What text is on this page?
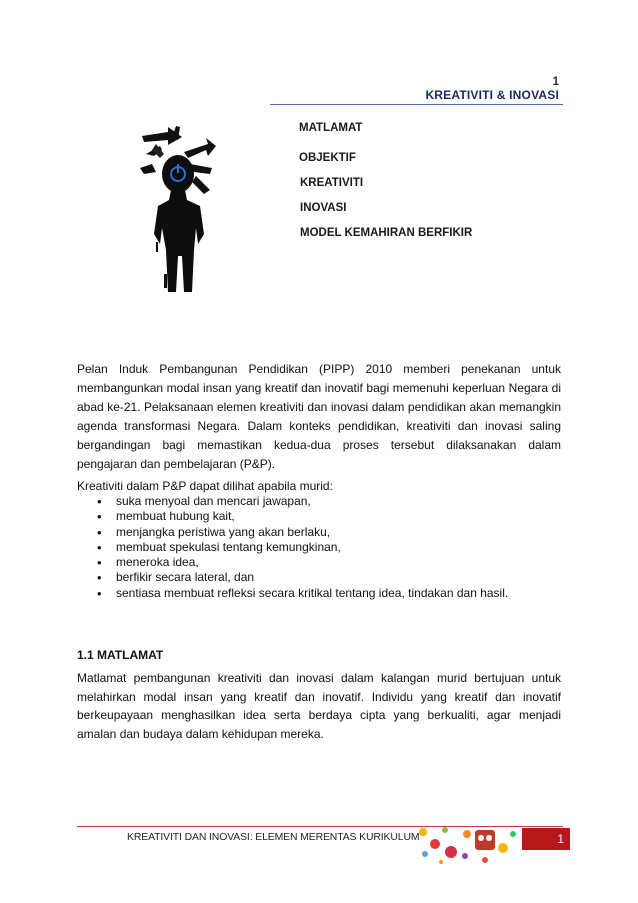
1
KREATIVITI & INOVASI
MATLAMAT
OBJEKTIF
KREATIVITI
INOVASI
MODEL KEMAHIRAN BERFIKIR
Pelan Induk Pembangunan Pendidikan (PIPP) 2010 memberi penekanan untuk membangunkan modal insan yang kreatif dan inovatif bagi memenuhi keperluan Negara di abad ke-21. Pelaksanaan elemen kreativiti dan inovasi dalam pendidikan akan memangkin agenda transformasi Negara. Dalam konteks pendidikan, kreativiti dan inovasi saling bergandingan bagi memastikan kedua-dua proses tersebut dilaksanakan dalam pengajaran dan pembelajaran (P&P).
Kreativiti dalam P&P dapat dilihat apabila murid:
• suka menyoal dan mencari jawapan,
• membuat hubung kait,
• menjangka peristiwa yang akan berlaku,
• membuat spekulasi tentang kemungkinan,
• meneroka idea,
• berfikir secara lateral, dan
• sentiasa membuat refleksi secara kritikal tentang idea, tindakan dan hasil.
1.1 MATLAMAT
Matlamat pembangunan kreativiti dan inovasi dalam kalangan murid bertujuan untuk melahirkan modal insan yang kreatif dan inovatif. Individu yang kreatif dan inovatif berkeupayaan menghasilkan idea serta berdaya cipta yang berkualiti, agar menjadi amalan dan budaya dalam kehidupan mereka.
KREATIVITI DAN INOVASI: ELEMEN MERENTAS KURIKULUM	1
